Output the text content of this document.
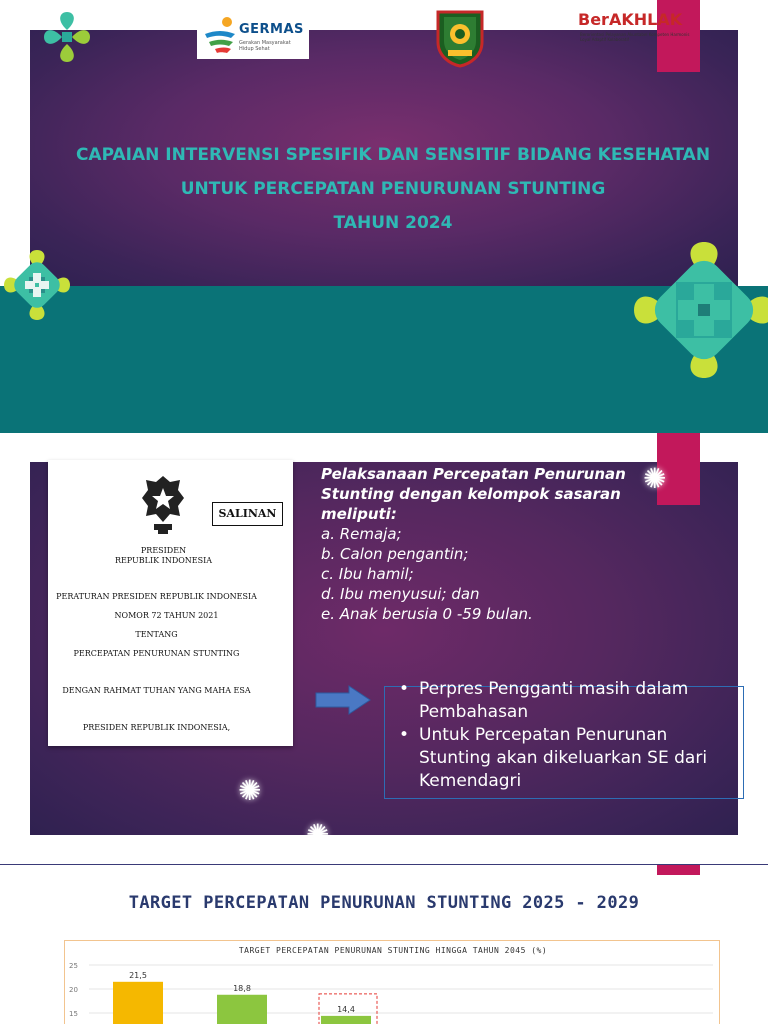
GERMAS
Gerakan Masyarakat Hidup Sehat
BerAKHLAK
Berorientasi Pelayanan Akuntabel Kompeten Harmonis Loyal Adaptif Kolaboratif
CAPAIAN INTERVENSI SPESIFIK DAN SENSITIF BIDANG KESEHATAN
UNTUK PERCEPATAN PENURUNAN STUNTING
TAHUN 2024
SALINAN
PRESIDEN
REPUBLIK INDONESIA
PERATURAN PRESIDEN REPUBLIK INDONESIA
NOMOR 72 TAHUN 2021
TENTANG
PERCEPATAN PENURUNAN STUNTING
DENGAN RAHMAT TUHAN YANG MAHA ESA
PRESIDEN REPUBLIK INDONESIA,
Pelaksanaan Percepatan Penurunan
Stunting dengan kelompok sasaran
meliputi:
a. Remaja;
b. Calon pengantin;
c. Ibu hamil;
d. Ibu menyusui; dan
e. Anak berusia 0 -59 bulan.
✺
✺
✺
• Perpres Pengganti masih dalam
Pembahasan
• Untuk Percepatan Penurunan
Stunting akan dikeluarkan SE dari
Kemendagri
TARGET PERCEPATAN PENURUNAN STUNTING 2025 - 2029
TARGET PERCEPATAN PENURUNAN STUNTING HINGGA TAHUN 2045 (%)
25
20
15
21,5
18,8
14,4
